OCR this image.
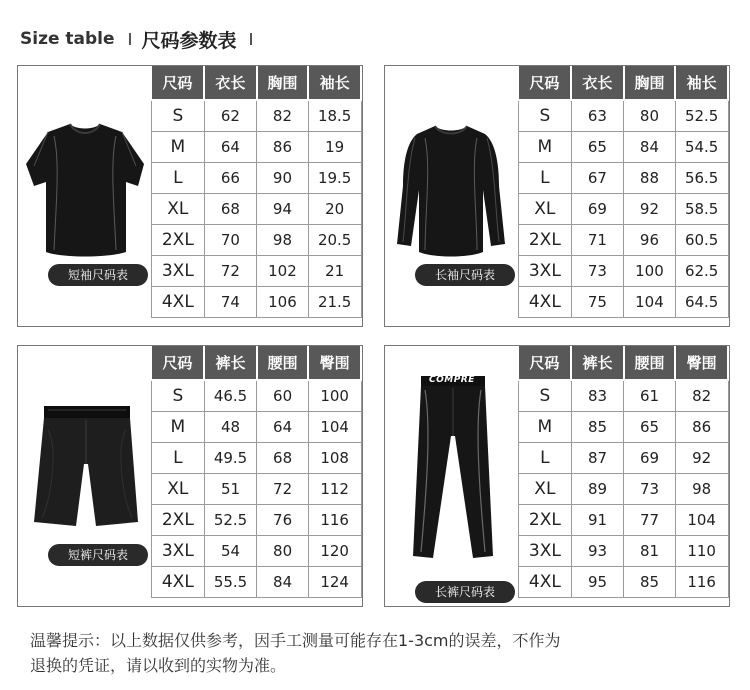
Size table 尺码参数表
短袖尺码表
尺码	衣长	胸围	袖长
S	62	82	18.5
M	64	86	19
L	66	90	19.5
XL	68	94	20
2XL	70	98	20.5
3XL	72	102	21
4XL	74	106	21.5
长袖尺码表
尺码	衣长	胸围	袖长
S	63	80	52.5
M	65	84	54.5
L	67	88	56.5
XL	69	92	58.5
2XL	71	96	60.5
3XL	73	100	62.5
4XL	75	104	64.5
短裤尺码表
尺码	裤长	腰围	臀围
S	46.5	60	100
M	48	64	104
L	49.5	68	108
XL	51	72	112
2XL	52.5	76	116
3XL	54	80	120
4XL	55.5	84	124
COMPRE
长裤尺码表
尺码	裤长	腰围	臀围
S	83	61	82
M	85	65	86
L	87	69	92
XL	89	73	98
2XL	91	77	104
3XL	93	81	110
4XL	95	85	116
温馨提示：以上数据仅供参考，因手工测量可能存在1-3cm的误差，不作为
退换的凭证，请以收到的实物为准。
